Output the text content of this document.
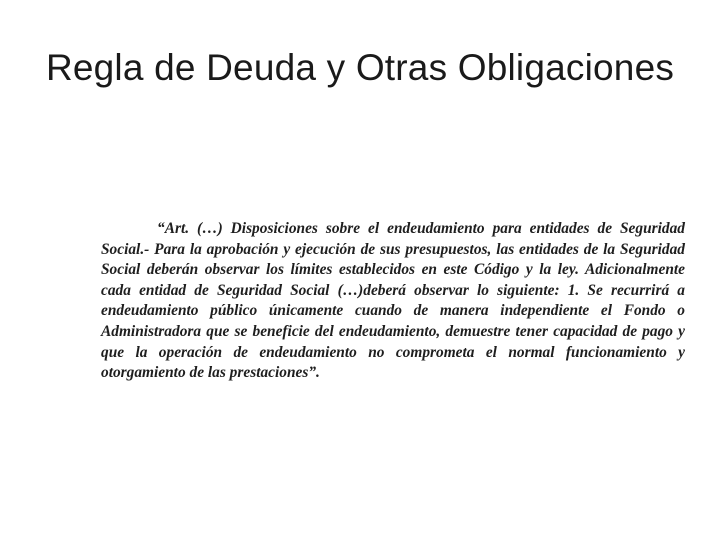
Regla de Deuda y Otras Obligaciones

“Art. (…) Disposiciones sobre el endeudamiento para entidades de Seguridad Social.- Para la aprobación y ejecución de sus presupuestos, las entidades de la Seguridad Social deberán observar los límites establecidos en este Código y la ley. Adicionalmente cada entidad de Seguridad Social (…)deberá observar lo siguiente: 1. Se recurrirá a endeudamiento público únicamente cuando de manera independiente el Fondo o Administradora que se beneficie del endeudamiento, demuestre tener capacidad de pago y que la operación de endeudamiento no comprometa el normal funcionamiento y otorgamiento de las prestaciones”.
